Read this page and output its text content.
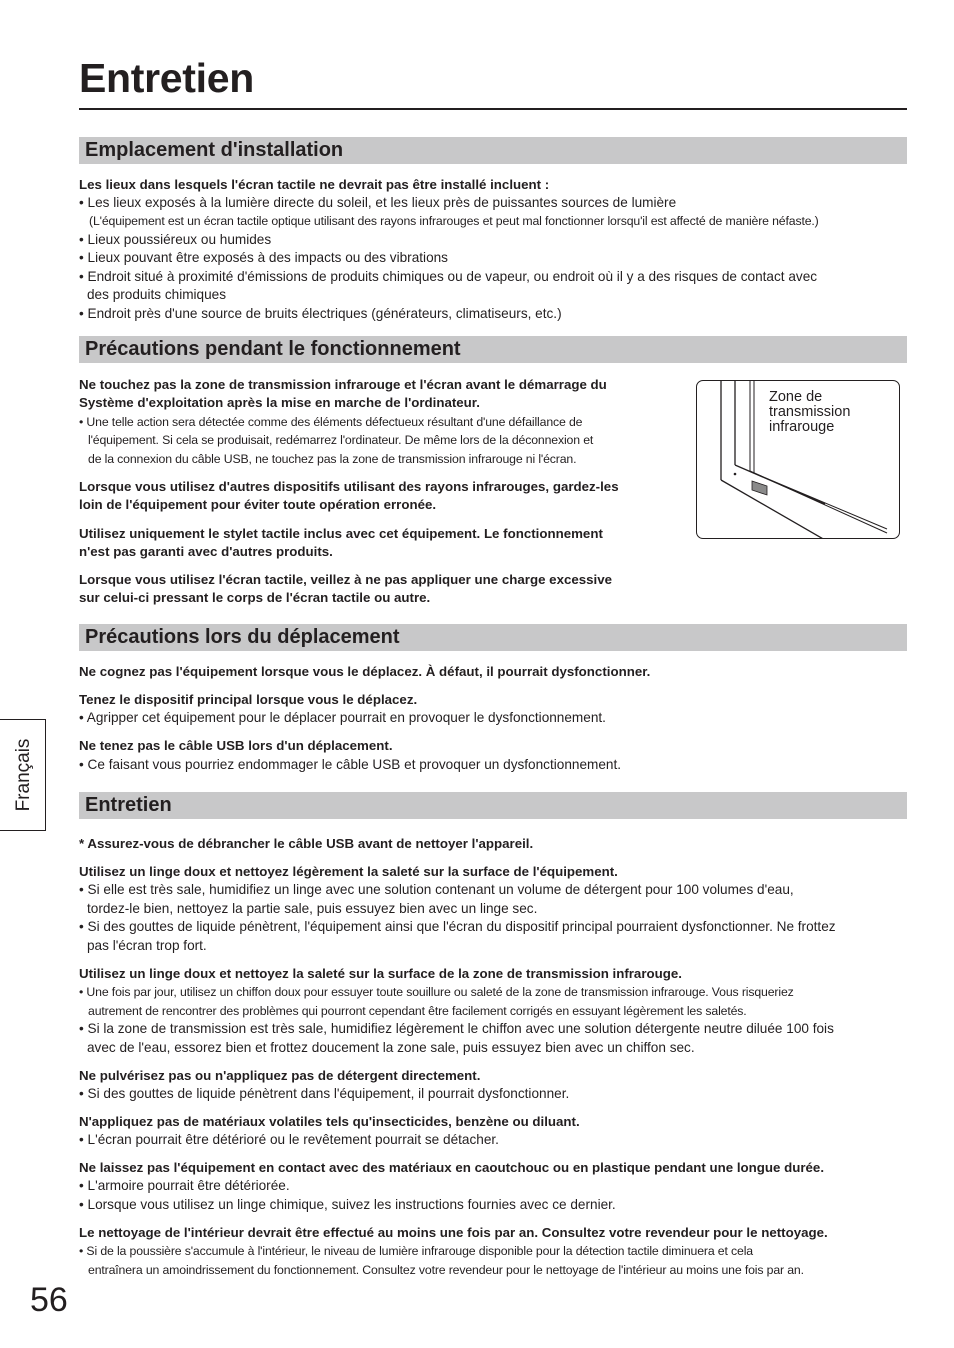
Entretien
Emplacement d'installation
Les lieux dans lesquels l'écran tactile ne devrait pas être installé incluent :
• Les lieux exposés à la lumière directe du soleil, et les lieux près de puissantes sources de lumière
(L'équipement est un écran tactile optique utilisant des rayons infrarouges et peut mal fonctionner lorsqu'il est affecté de manière néfaste.)
• Lieux poussiéreux ou humides
• Lieux pouvant être exposés à des impacts ou des vibrations
• Endroit situé à proximité d'émissions de produits chimiques ou de vapeur, ou endroit où il y a des risques de contact avec
des produits chimiques
• Endroit près d'une source de bruits électriques (générateurs, climatiseurs, etc.)
Précautions pendant le fonctionnement
Ne touchez pas la zone de transmission infrarouge et l'écran avant le démarrage du
Système d'exploitation après la mise en marche de l'ordinateur.
• Une telle action sera détectée comme des éléments défectueux résultant d'une défaillance de
l'équipement. Si cela se produisait, redémarrez l'ordinateur. De même lors de la déconnexion et
de la connexion du câble USB, ne touchez pas la zone de transmission infrarouge ni l'écran.
Lorsque vous utilisez d'autres dispositifs utilisant des rayons infrarouges, gardez-les
loin de l'équipement pour éviter toute opération erronée.
Utilisez uniquement le stylet tactile inclus avec cet équipement. Le fonctionnement
n'est pas garanti avec d'autres produits.
Lorsque vous utilisez l'écran tactile, veillez à ne pas appliquer une charge excessive
sur celui-ci pressant le corps de l'écran tactile ou autre.
Zone de
transmission
infrarouge
Précautions lors du déplacement
Ne cognez pas l'équipement lorsque vous le déplacez. À défaut, il pourrait dysfonctionner.
Tenez le dispositif principal lorsque vous le déplacez.
• Agripper cet équipement pour le déplacer pourrait en provoquer le dysfonctionnement.
Ne tenez pas le câble USB lors d'un déplacement.
• Ce faisant vous pourriez endommager le câble USB et provoquer un dysfonctionnement.
Entretien
* Assurez-vous de débrancher le câble USB avant de nettoyer l'appareil.
Utilisez un linge doux et nettoyez légèrement la saleté sur la surface de l'équipement.
• Si elle est très sale, humidifiez un linge avec une solution contenant un volume de détergent pour 100 volumes d'eau,
tordez-le bien, nettoyez la partie sale, puis essuyez bien avec un linge sec.
• Si des gouttes de liquide pénètrent, l'équipement ainsi que l'écran du dispositif principal pourraient dysfonctionner. Ne frottez
pas l'écran trop fort.
Utilisez un linge doux et nettoyez la saleté sur la surface de la zone de transmission infrarouge.
• Une fois par jour, utilisez un chiffon doux pour essuyer toute souillure ou saleté de la zone de transmission infrarouge. Vous risqueriez
autrement de rencontrer des problèmes qui pourront cependant être facilement corrigés en essuyant légèrement les saletés.
• Si la zone de transmission est très sale, humidifiez légèrement le chiffon avec une solution détergente neutre diluée 100 fois
avec de l'eau, essorez bien et frottez doucement la zone sale, puis essuyez bien avec un chiffon sec.
Ne pulvérisez pas ou n'appliquez pas de détergent directement.
• Si des gouttes de liquide pénètrent dans l'équipement, il pourrait dysfonctionner.
N'appliquez pas de matériaux volatiles tels qu'insecticides, benzène ou diluant.
• L'écran pourrait être détérioré ou le revêtement pourrait se détacher.
Ne laissez pas l'équipement en contact avec des matériaux en caoutchouc ou en plastique pendant une longue durée.
• L'armoire pourrait être détériorée.
• Lorsque vous utilisez un linge chimique, suivez les instructions fournies avec ce dernier.
Le nettoyage de l'intérieur devrait être effectué au moins une fois par an. Consultez votre revendeur pour le nettoyage.
• Si de la poussière s'accumule à l'intérieur, le niveau de lumière infrarouge disponible pour la détection tactile diminuera et cela
entraînera un amoindrissement du fonctionnement. Consultez votre revendeur pour le nettoyage de l'intérieur au moins une fois par an.
Français
56
